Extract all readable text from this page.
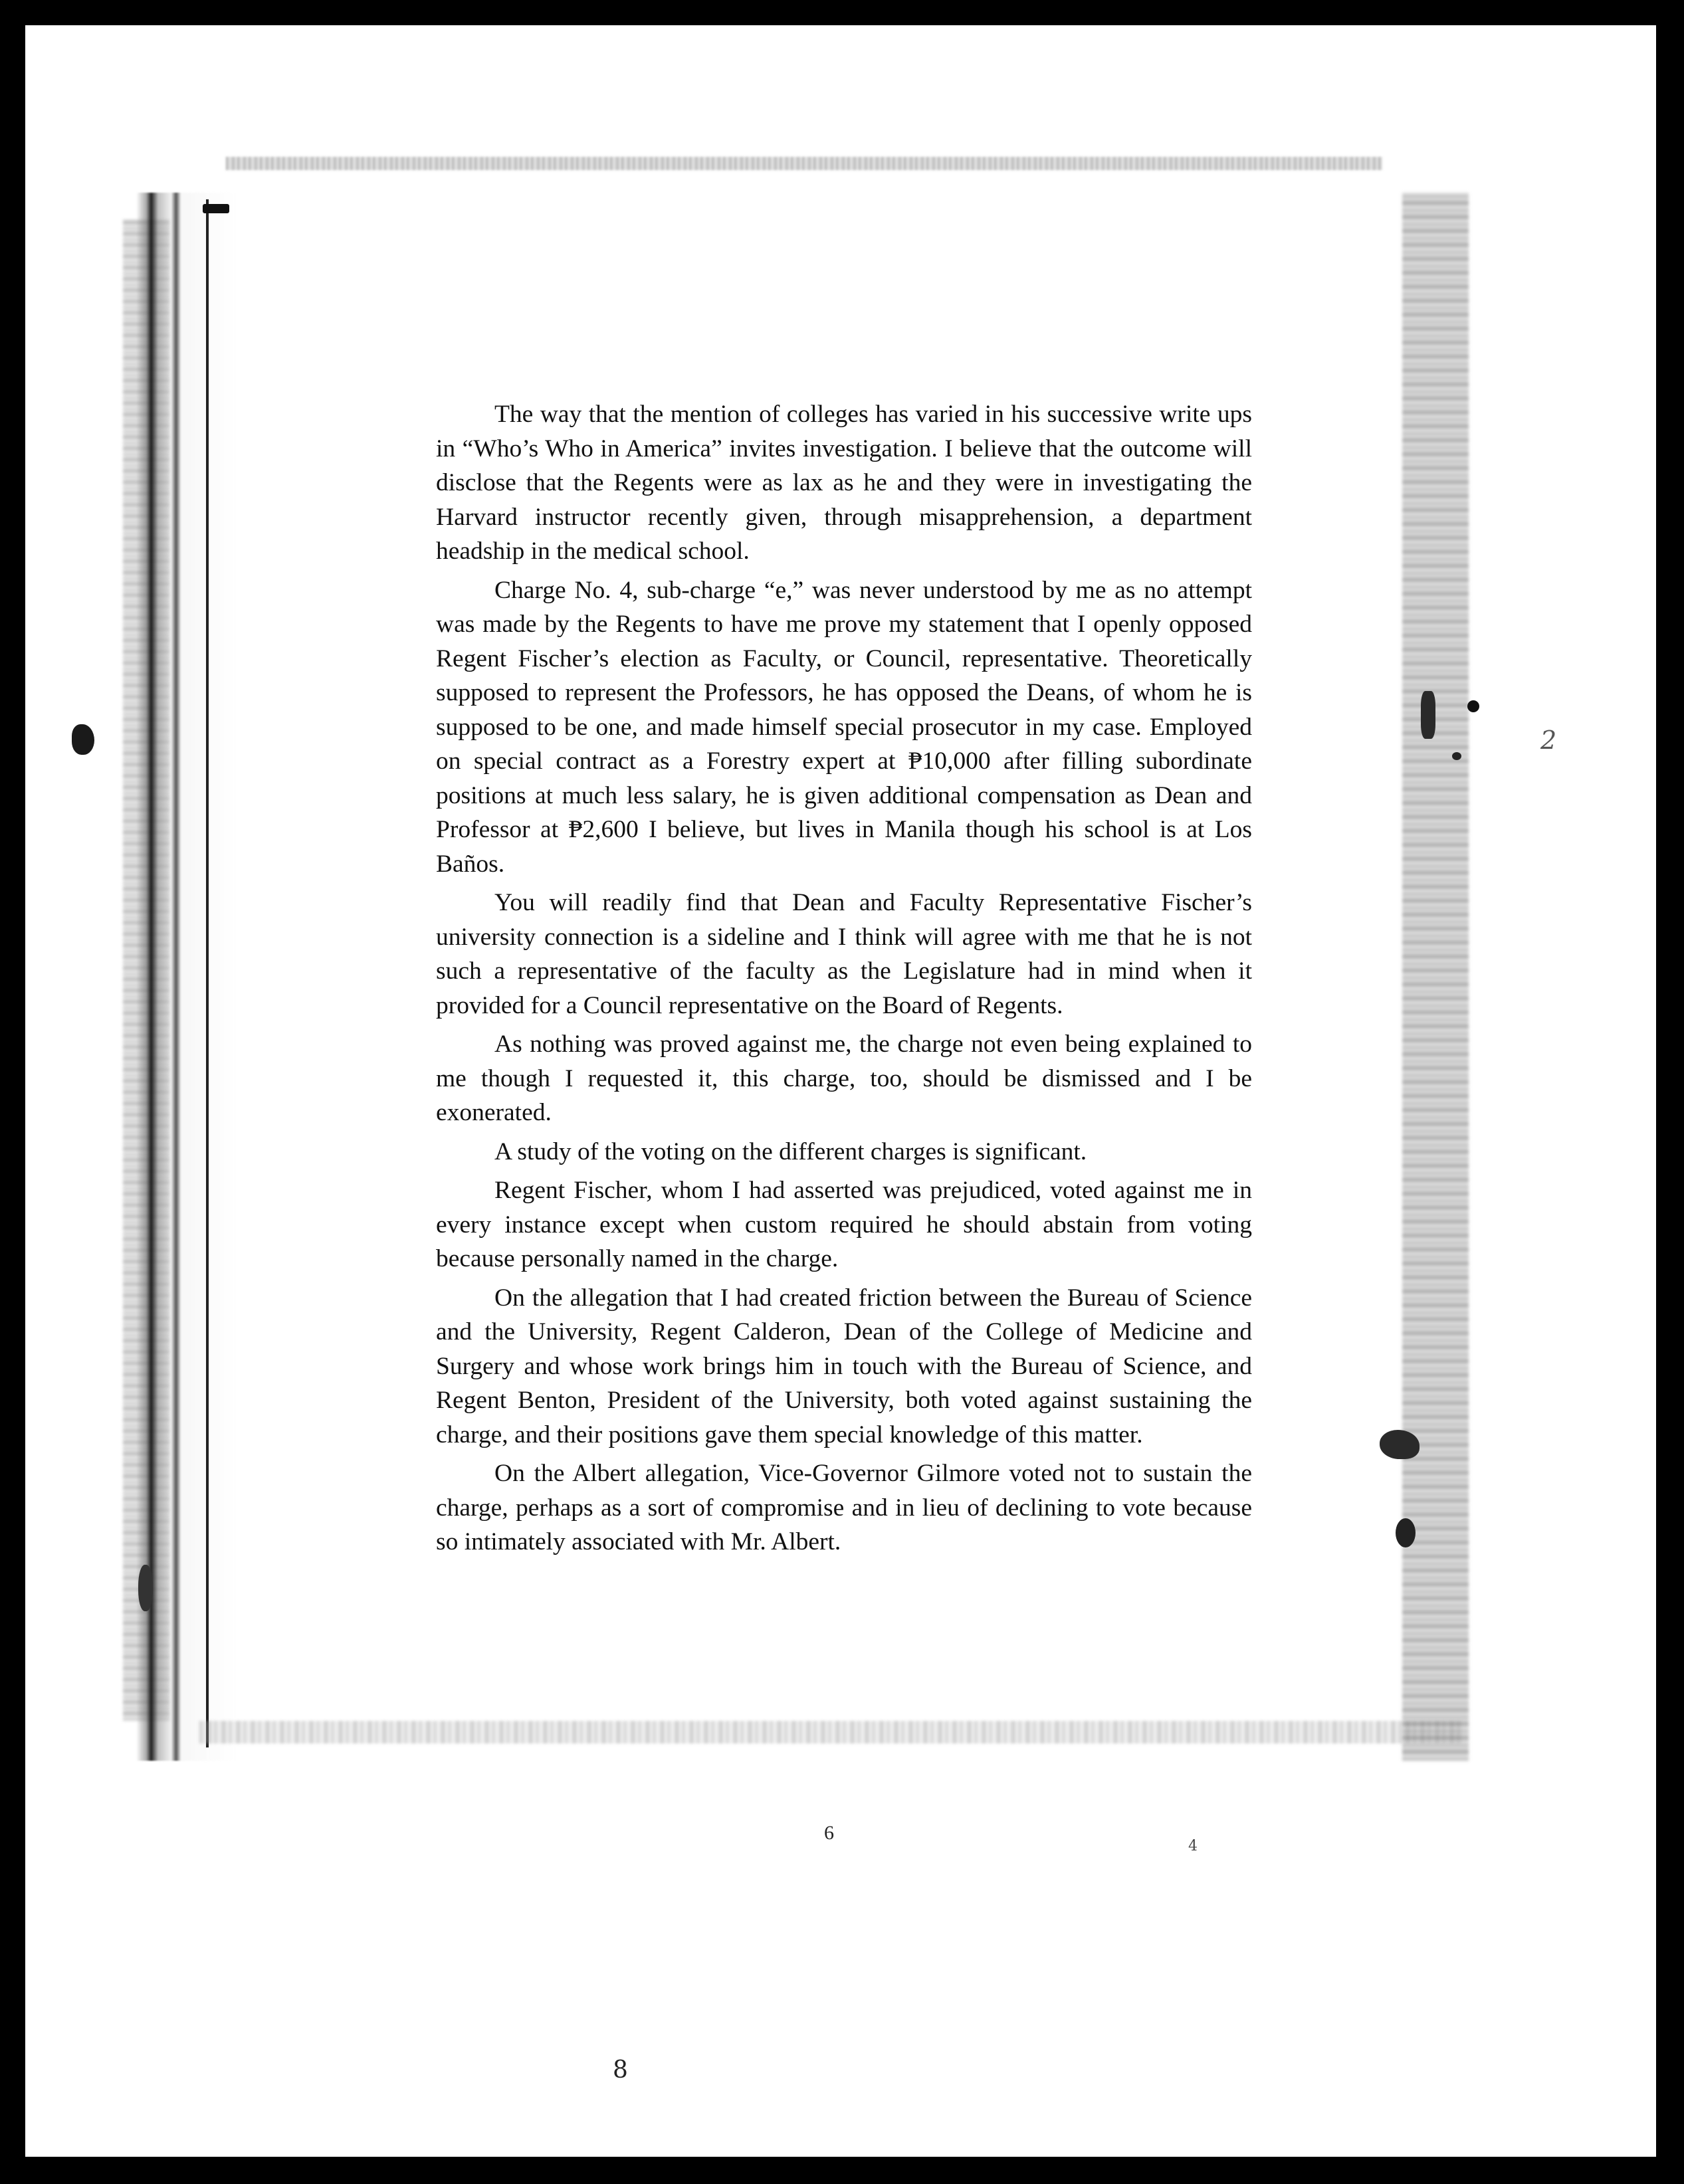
2
4
8

The way that the mention of colleges has varied in his successive write ups in “Who’s Who in America” invites investigation. I believe that the outcome will disclose that the Regents were as lax as he and they were in investigating the Harvard instructor recently given, through misapprehension, a department headship in the medical school.

Charge No. 4, sub-charge “e,” was never understood by me as no attempt was made by the Regents to have me prove my statement that I openly opposed Regent Fischer’s election as Faculty, or Council, representative. Theoretically supposed to represent the Professors, he has opposed the Deans, of whom he is supposed to be one, and made himself special prosecutor in my case. Employed on special contract as a Forestry expert at ₱10,000 after filling subordinate positions at much less salary, he is given additional compensation as Dean and Professor at ₱2,600 I believe, but lives in Manila though his school is at Los Baños.

You will readily find that Dean and Faculty Representative Fischer’s university connection is a sideline and I think will agree with me that he is not such a representative of the faculty as the Legislature had in mind when it provided for a Council representative on the Board of Regents.

As nothing was proved against me, the charge not even being explained to me though I requested it, this charge, too, should be dismissed and I be exonerated.

A study of the voting on the different charges is significant.

Regent Fischer, whom I had asserted was prejudiced, voted against me in every instance except when custom required he should abstain from voting because personally named in the charge.

On the allegation that I had created friction between the Bureau of Science and the University, Regent Calderon, Dean of the College of Medicine and Surgery and whose work brings him in touch with the Bureau of Science, and Regent Benton, President of the University, both voted against sustaining the charge, and their positions gave them special knowledge of this matter.

On the Albert allegation, Vice-Governor Gilmore voted not to sustain the charge, perhaps as a sort of compromise and in lieu of declining to vote because so intimately associated with Mr. Albert.

6
